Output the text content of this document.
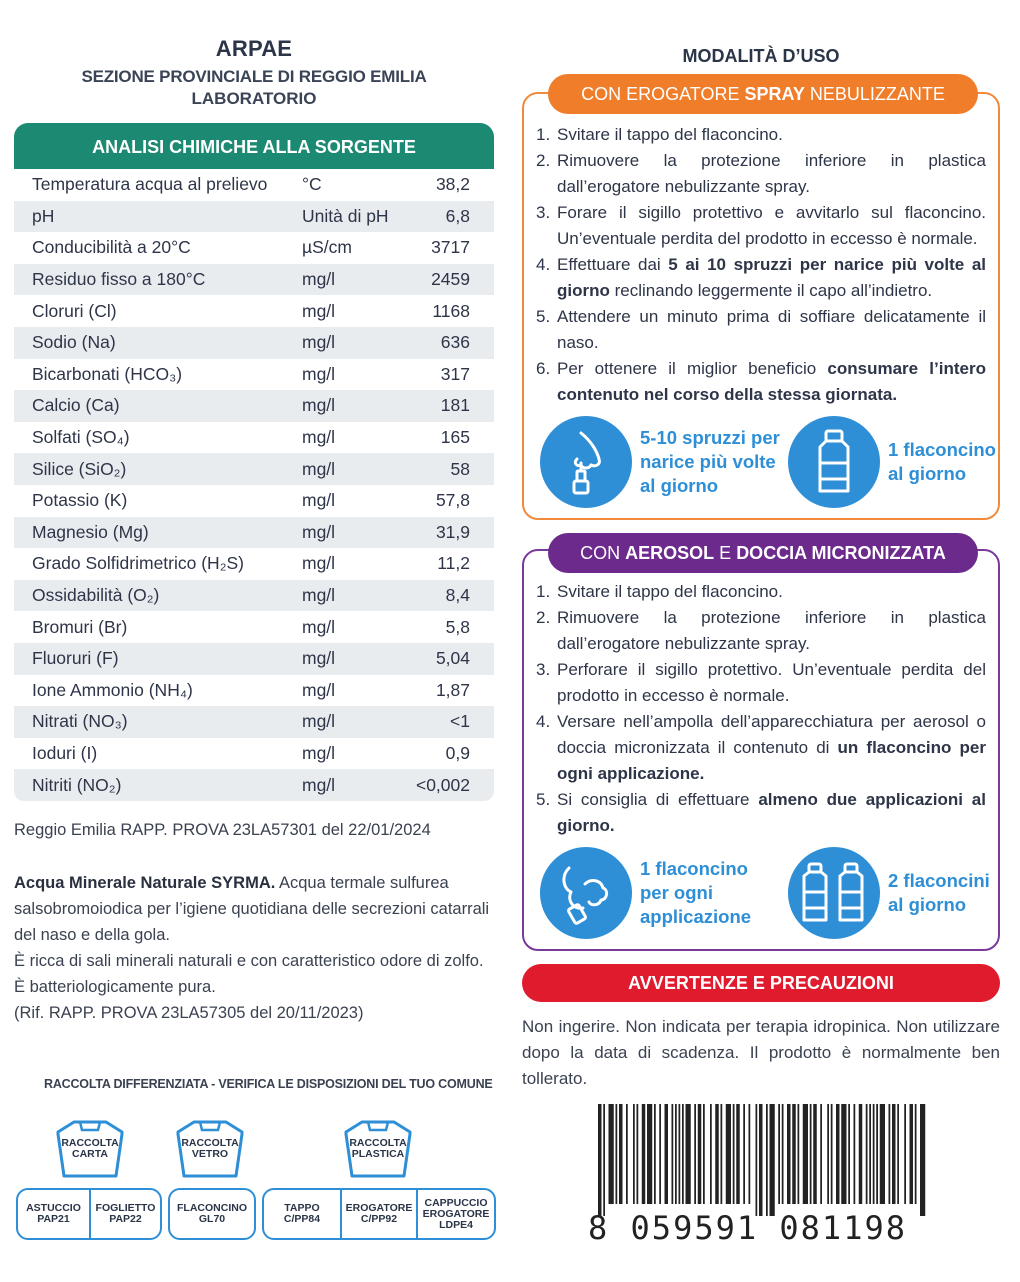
ARPAE
SEZIONE PROVINCIALE DI REGGIO EMILIA
LABORATORIO
ANALISI CHIMICHE ALLA SORGENTE
Temperatura acqua al prelievo	°C	38,2
pH	Unità di pH	6,8
Conducibilità a 20°C	µS/cm	3717
Residuo fisso a 180°C	mg/l	2459
Cloruri (Cl)	mg/l	1168
Sodio (Na)	mg/l	636
Bicarbonati (HCO₃)	mg/l	317
Calcio (Ca)	mg/l	181
Solfati (SO₄)	mg/l	165
Silice (SiO₂)	mg/l	58
Potassio (K)	mg/l	57,8
Magnesio (Mg)	mg/l	31,9
Grado Solfidrimetrico (H₂S)	mg/l	11,2
Ossidabilità (O₂)	mg/l	8,4
Bromuri (Br)	mg/l	5,8
Fluoruri (F)	mg/l	5,04
Ione Ammonio (NH₄)	mg/l	1,87
Nitrati (NO₃)	mg/l	<1
Ioduri (I)	mg/l	0,9
Nitriti (NO₂)	mg/l	<0,002
Reggio Emilia RAPP. PROVA 23LA57301 del 22/01/2024
Acqua Minerale Naturale SYRMA. Acqua termale sulfurea salsobromoiodica per l’igiene quotidiana delle secrezioni catarrali del naso e della gola.
È ricca di sali minerali naturali e con caratteristico odore di zolfo. È batteriologicamente pura.
(Rif. RAPP. PROVA 23LA57305 del 20/11/2023)
RACCOLTA DIFFERENZIATA - VERIFICA LE DISPOSIZIONI DEL TUO COMUNE
RACCOLTA CARTA
RACCOLTA VETRO
RACCOLTA PLASTICA
ASTUCCIO PAP21
FOGLIETTO PAP22
FLACONCINO GL70
TAPPO C/PP84
EROGATORE C/PP92
CAPPUCCIO EROGATORE LDPE4
MODALITÀ D’USO
CON EROGATORE SPRAY NEBULIZZANTE
1. Svitare il tappo del flaconcino.
2. Rimuovere la protezione inferiore in plastica dall’erogatore nebulizzante spray.
3. Forare il sigillo protettivo e avvitarlo sul flaconcino. Un’eventuale perdita del prodotto in eccesso è normale.
4. Effettuare dai 5 ai 10 spruzzi per narice più volte al giorno reclinando leggermente il capo all’indietro.
5. Attendere un minuto prima di soffiare delicatamente il naso.
6. Per ottenere il miglior beneficio consumare l’intero contenuto nel corso della stessa giornata.
5-10 spruzzi per narice più volte al giorno
1 flaconcino al giorno
CON AEROSOL E DOCCIA MICRONIZZATA
1. Svitare il tappo del flaconcino.
2. Rimuovere la protezione inferiore in plastica dall’erogatore nebulizzante spray.
3. Perforare il sigillo protettivo. Un’eventuale perdita del prodotto in eccesso è normale.
4. Versare nell’ampolla dell’apparecchiatura per aerosol o doccia micronizzata il contenuto di un flaconcino per ogni applicazione.
5. Si consiglia di effettuare almeno due applicazioni al giorno.
1 flaconcino per ogni applicazione
2 flaconcini al giorno
AVVERTENZE E PRECAUZIONI
Non ingerire. Non indicata per terapia idropinica. Non utilizzare dopo la data di scadenza. Il prodotto è normalmente ben tollerato.
8 059591 081198
